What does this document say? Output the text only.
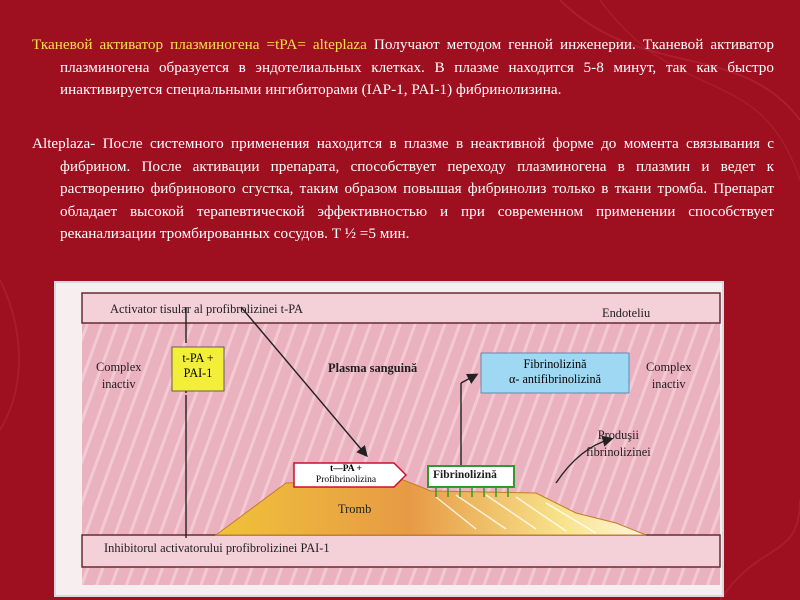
Тканевой активатор плазминогена =tPA= alteplaza Получают методом генной инженерии. Тканевой активатор плазминогена образуется в эндотелиальных клетках. В плазме находится 5-8 минут, так как быстро инактивируется специальными ингибиторами (IAP-1, PAI-1) фибринолизина.

Alteplaza- После системного применения находится в плазме в неактивной форме до момента связывания с фибрином. После активации препарата, способствует переходу плазминогена в плазмин и ведет к растворению фибринового сгустка, таким образом повышая фибринолиз только в ткани тромба. Препарат обладает высокой терапевтической эффективностью и при современном применении способствует реканализации тромбированных сосудов. T ½ =5 мин.

Activator tisular al profibrolizinei t-PA	Endoteliu
Complex
inactiv
Complex
inactiv
t-PA +
PAI-1	Plasma sanguină	Fibrinolizină
α- antifibrinolizină
Produşii
fibrinolizinei
t—PA +
Profibrinolizina	Fibrinolizină
Tromb
Inhibitorul activatorului profibrolizinei PAI-1
